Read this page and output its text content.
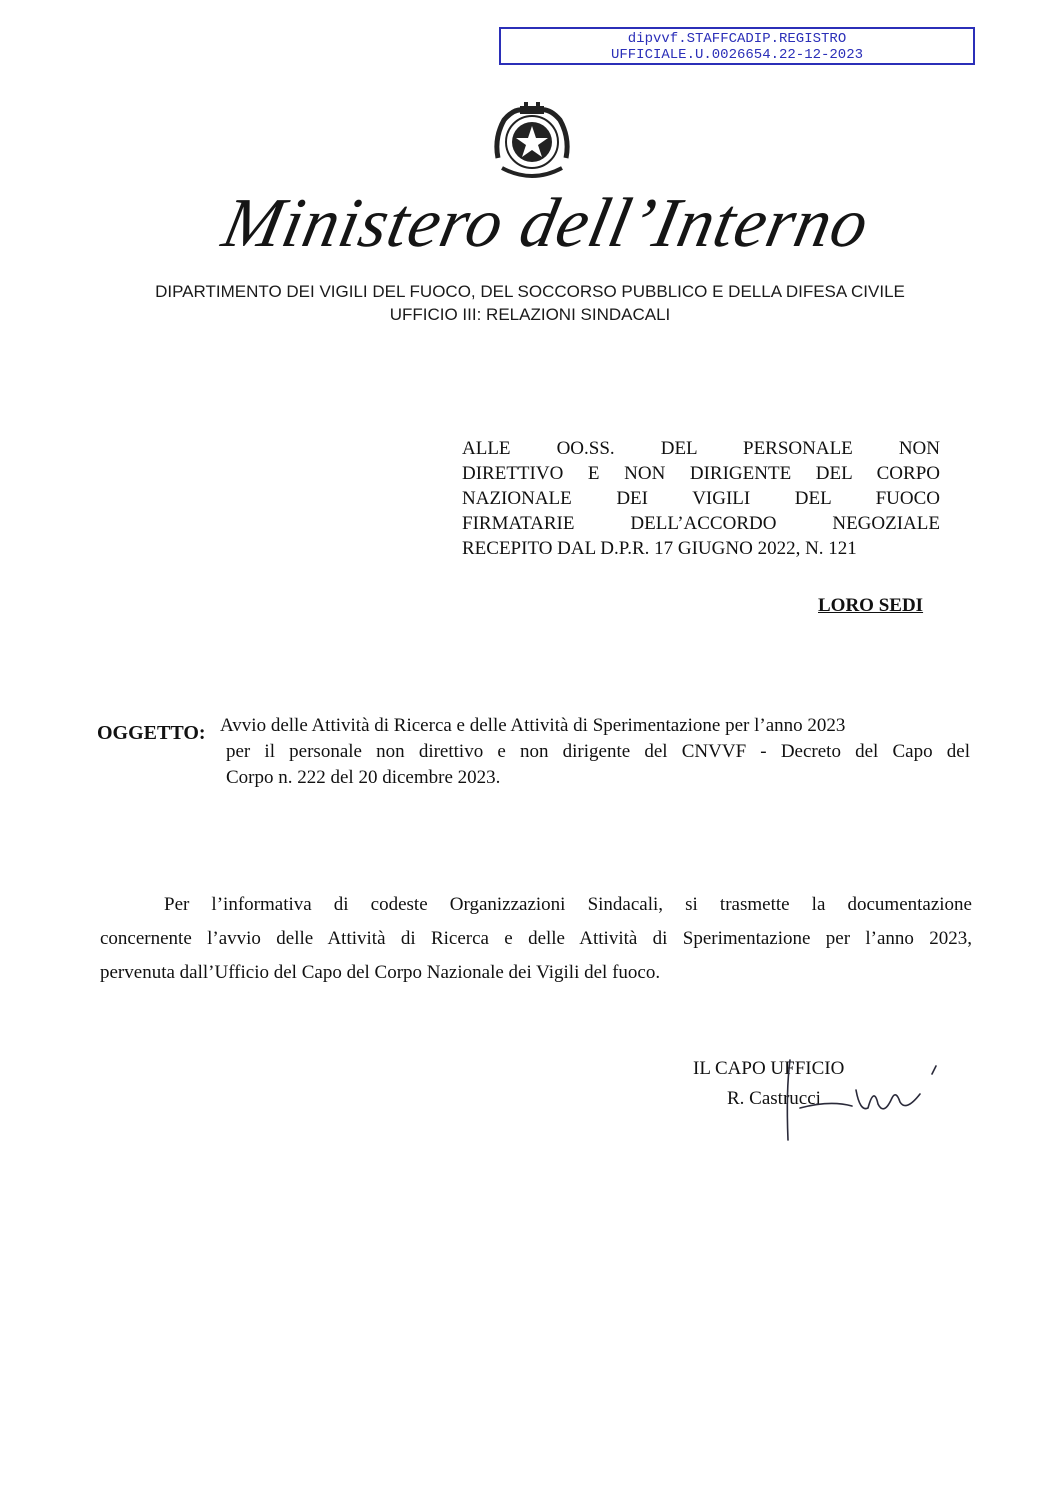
dipvvf.STAFFCADIP.REGISTRO
UFFICIALE.U.0026654.22-12-2023
Ministero dell’Interno
DIPARTIMENTO DEI VIGILI DEL FUOCO, DEL SOCCORSO PUBBLICO E DELLA DIFESA CIVILE
UFFICIO III: RELAZIONI SINDACALI
ALLE OO.SS. DEL PERSONALE NON
DIRETTIVO E NON DIRIGENTE DEL CORPO
NAZIONALE DEI VIGILI DEL FUOCO
FIRMATARIE DELL’ACCORDO NEGOZIALE
RECEPITO DAL D.P.R. 17 GIUGNO 2022, N. 121
LORO SEDI
OGGETTO: Avvio delle Attività di Ricerca e delle Attività di Sperimentazione per l’anno 2023
per il personale non direttivo e non dirigente del CNVVF - Decreto del Capo del
Corpo n. 222 del 20 dicembre 2023.
Per l’informativa di codeste Organizzazioni Sindacali, si trasmette la documentazione
concernente l’avvio delle Attività di Ricerca e delle Attività di Sperimentazione per l’anno 2023,
pervenuta dall’Ufficio del Capo del Corpo Nazionale dei Vigili del fuoco.
IL CAPO UFFICIO
R. Castrucci
